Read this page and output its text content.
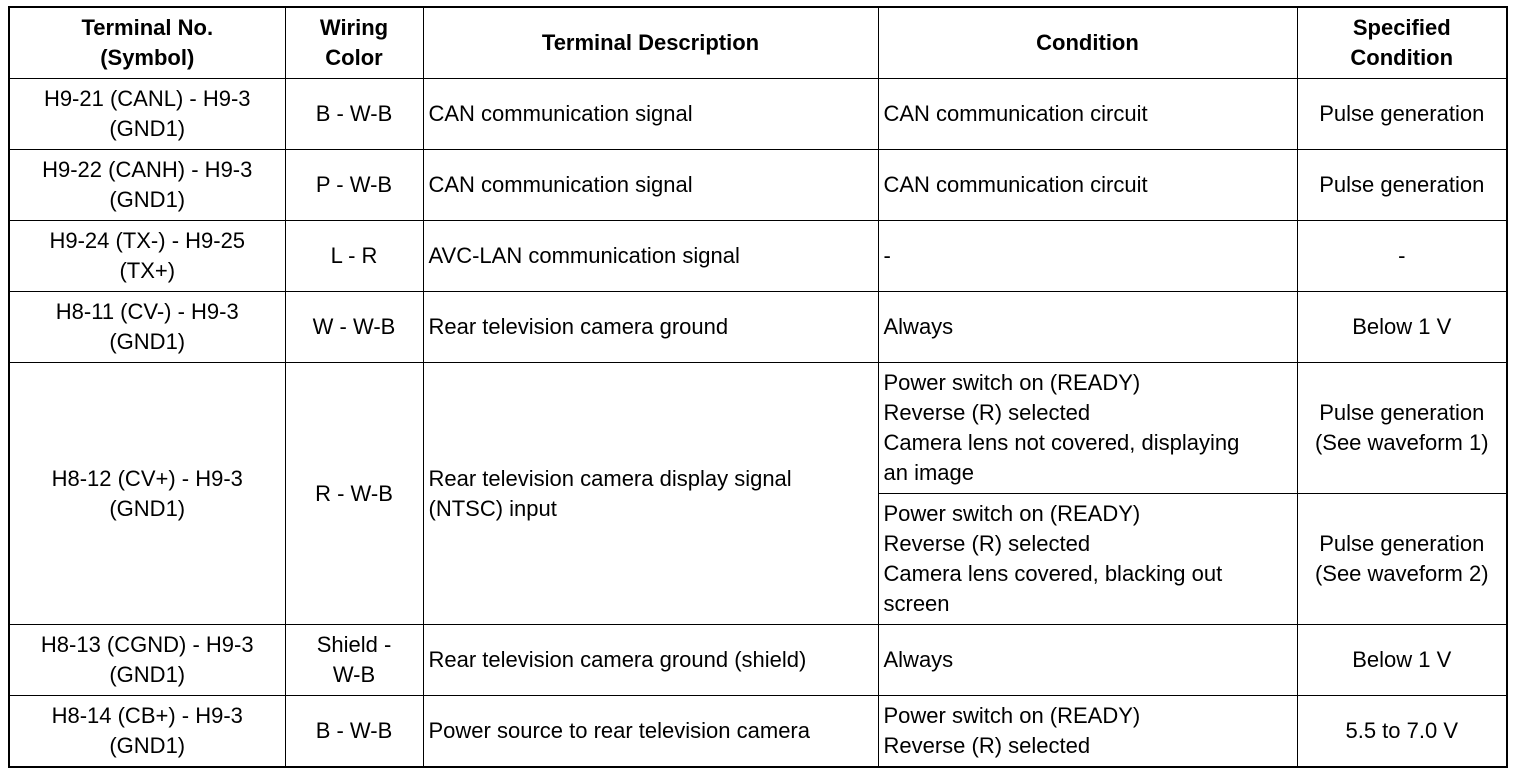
Terminal No.
(Symbol)	Wiring
Color	Terminal Description	Condition	Specified
Condition

H9-21 (CANL) - H9-3
(GND1)	B - W-B	CAN communication signal	CAN communication circuit	Pulse generation

H9-22 (CANH) - H9-3
(GND1)	P - W-B	CAN communication signal	CAN communication circuit	Pulse generation

H9-24 (TX-) - H9-25
(TX+)	L - R	AVC-LAN communication signal	-	-

H8-11 (CV-) - H9-3
(GND1)	W - W-B	Rear television camera ground	Always	Below 1 V

H8-12 (CV+) - H9-3
(GND1)	R - W-B	Rear television camera display signal
(NTSC) input	Power switch on (READY)
Reverse (R) selected
Camera lens not covered, displaying
an image	Pulse generation
(See waveform 1)

			Power switch on (READY)
Reverse (R) selected
Camera lens covered, blacking out
screen	Pulse generation
(See waveform 2)

H8-13 (CGND) - H9-3
(GND1)	Shield -
W-B	Rear television camera ground (shield)	Always	Below 1 V

H8-14 (CB+) - H9-3
(GND1)	B - W-B	Power source to rear television camera	Power switch on (READY)
Reverse (R) selected	5.5 to 7.0 V
